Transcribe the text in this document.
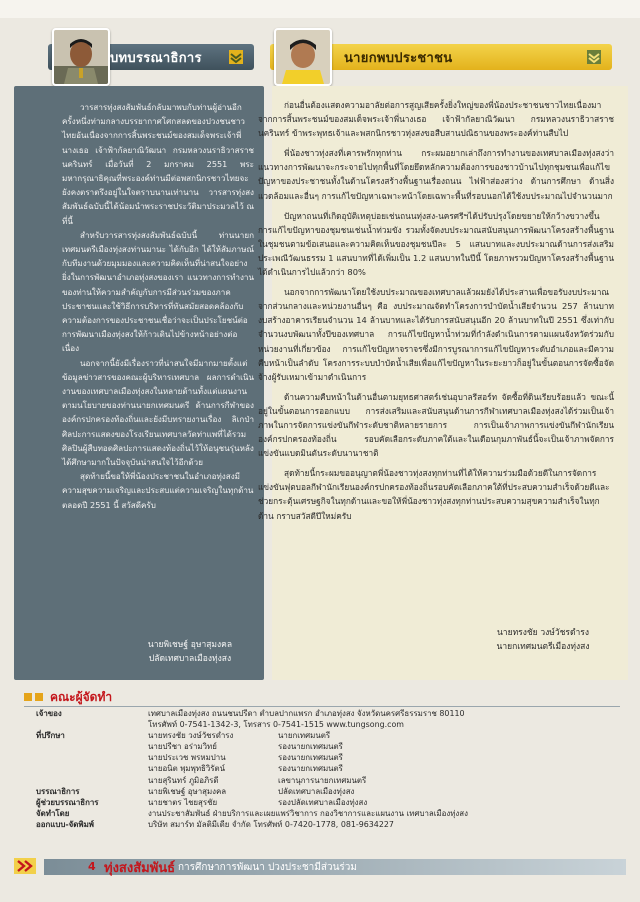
บทบรรณาธิการ	นายกพบประชาชน

วารสารทุ่งสงสัมพันธ์กลับมาพบกับท่านผู้อ่านอีกครั้งหนึ่งท่ามกลางบรรยากาศโศกสลดของปวงชนชาวไทยอันเนื่องจากการสิ้นพระชนม์ของสมเด็จพระเจ้าพี่นางเธอ เจ้าฟ้ากัลยาณิวัฒนา กรมหลวงนราธิวาสราชนครินทร์ เมื่อวันที่ 2 มกราคม 2551 พระมหากรุณาธิคุณที่พระองค์ท่านมีต่อพสกนิกรชาวไทยจะยังคงตราตรึงอยู่ในใจตราบนานเท่านาน วารสารทุ่งสงสัมพันธ์ฉบับนี้ได้น้อมนำพระราชประวัติมาประมวลไว้ ณ ที่นี้

สำหรับวารสารทุ่งสงสัมพันธ์ฉบับนี้ ท่านนายกเทศมนตรีเมืองทุ่งสงท่านมานะ ได้กับอีก ได้ให้สัมภาษณ์กับทีมงานด้วยมุมมองและความคิดเห็นที่น่าสนใจอย่างยิ่งในการพัฒนาอำเภอทุ่งสงของเรา แนวทางการทำงานของท่านให้ความสำคัญกับการมีส่วนร่วมของภาคประชาชนและใช้วิธีการบริหารที่ทันสมัยสอดคล้องกับความต้องการของประชาชนเชื่อว่าจะเป็นประโยชน์ต่อการพัฒนาเมืองทุ่งสงให้ก้าวเดินไปข้างหน้าอย่างต่อเนื่อง

นอกจากนี้ยังมีเรื่องราวที่น่าสนใจมีมากมายตั้งแต่ข้อมูลข่าวสารของคณะผู้บริหารเทศบาล ผลการดำเนินงานของเทศบาลเมืองทุ่งสงในหลายด้านทั้งแต่แผนงานตามนโยบายของท่านนายกเทศมนตรี ด้านการกีฬาขององค์กรปกครองท้องถิ่นและยังมีบทรายงานเรื่อง ลิเกป่า ศิลปะการแสดงของโรงเรียนเทศบาลวัดท่าแพที่ได้รวมศิลปินผู้สืบทอดศิลปะการแสดงท้องถิ่นไว้ให้อนุชนรุ่นหลังได้ศึกษามากในปัจจุบันน่าสนใจไว้อีกด้วย

สุดท้ายนี้ขอให้พี่น้องประชาชนในอำเภอทุ่งสงมีความสุขความเจริญและประสบแต่ความเจริญในทุกด้านตลอดปี 2551 นี้ สวัสดีครับ

นายพิเชษฐ์ อุษาสุมงคล
ปลัดเทศบาลเมืองทุ่งสง

ก่อนอื่นต้องแสดงความอาลัยต่อการสูญเสียครั้งยิ่งใหญ่ของพี่น้องประชาชนชาวไทยเนื่องมาจากการสิ้นพระชนม์ของสมเด็จพระเจ้าพี่นางเธอ เจ้าฟ้ากัลยาณิวัฒนา กรมหลวงนราธิวาสราชนครินทร์ ข้าพระพุทธเจ้าและพสกนิกรชาวทุ่งสงขอสืบสานปณิธานของพระองค์ท่านสืบไป

พี่น้องชาวทุ่งสงที่เคารพรักทุกท่าน กระผมอยากเล่าถึงการทำงานของเทศบาลเมืองทุ่งสงว่าแนวทางการพัฒนาจะกระจายไปทุกพื้นที่โดยยึดหลักความต้องการของชาวบ้านไปทุกชุมชนเพื่อแก้ไขปัญหาของประชาชนทั้งในด้านโครงสร้างพื้นฐานเรื่องถนน ไฟฟ้าส่องสว่าง ด้านการศึกษา ด้านสิ่งแวดล้อมและอื่นๆ การแก้ไขปัญหาเฉพาะหน้าโดยเฉพาะพื้นที่รอบนอกได้ใช้งบประมาณไปจำนวนมาก

ปัญหาถนนที่เกิดอุบัติเหตุบ่อยเช่นถนนทุ่งสง-นครศรีฯได้ปรับปรุงโดยขยายให้กว้างขวางขึ้น การแก้ไขปัญหาของชุมชนเช่นน้ำท่วมขัง รวมทั้งจัดงบประมาณสนับสนุนการพัฒนาโครงสร้างพื้นฐานในชุมชนตามข้อเสนอและความคิดเห็นของชุมชนปีละ 5 แสนบาทและงบประมาณด้านการส่งเสริมประเพณีวัฒนธรรม 1 แสนบาทที่ได้เพิ่มเป็น 1.2 แสนบาทในปีนี้ โดยภาพรวมปัญหาโครงสร้างพื้นฐานได้ดำเนินการไปแล้วกว่า 80%

นอกจากการพัฒนาโดยใช้งบประมาณของเทศบาลแล้วผมยังได้ประสานเพื่อขอรับงบประมาณจากส่วนกลางและหน่วยงานอื่นๆ คือ งบประมาณจัดทำโครงการบำบัดน้ำเสียจำนวน 257 ล้านบาท งบสร้างอาคารเรียนจำนวน 14 ล้านบาทและได้รับการสนับสนุนอีก 20 ล้านบาทในปี 2551 ซึ่งเท่ากับจำนวนงบพัฒนาทั้งปีของเทศบาล การแก้ไขปัญหาน้ำท่วมที่กำลังดำเนินการตามแผนจังหวัดร่วมกับหน่วยงานที่เกี่ยวข้อง การแก้ไขปัญหาจราจรซึ่งมีการบูรณาการแก้ไขปัญหาระดับอำเภอและมีความคืบหน้าเป็นลำดับ โครงการระบบบำบัดน้ำเสียเพื่อแก้ไขปัญหาในระยะยาวก็อยู่ในขั้นตอนการจัดซื้อจัดจ้างผู้รับเหมาเข้ามาดำเนินการ

ด้านความคืบหน้าในด้านอื่นตามยุทธศาสตร์เช่นอุบาลรีสอร์ท จัดซื้อที่ดินเรียบร้อยแล้ว ขณะนี้อยู่ในขั้นตอนการออกแบบ การส่งเสริมและสนับสนุนด้านการกีฬาเทศบาลเมืองทุ่งสงได้ร่วมเป็นเจ้าภาพในการจัดการแข่งขันกีฬาระดับชาติหลายรายการ การเป็นเจ้าภาพการแข่งขันกีฬานักเรียนองค์กรปกครองท้องถิ่น รอบคัดเลือกระดับภาคใต้และในเดือนกุมภาพันธ์นี้จะเป็นเจ้าภาพจัดการแข่งขันแบดมินตันระดับนานาชาติ

สุดท้ายนี้กระผมขออนุญาตพี่น้องชาวทุ่งสงทุกท่านที่ได้ให้ความร่วมมือด้วยดีในการจัดการแข่งขันฟุตบอลกีฬานักเรียนองค์กรปกครองท้องถิ่นรอบคัดเลือกภาคใต้ที่ประสบความสำเร็จด้วยดีและช่วยกระตุ้นเศรษฐกิจในทุกด้านและขอให้พี่น้องชาวทุ่งสงทุกท่านประสบความสุขความสำเร็จในทุกด้าน กราบสวัสดีปีใหม่ครับ

นายทรงชัย วงษ์วัชรดำรง
นายกเทศมนตรีเมืองทุ่งสง
คณะผู้จัดทำ
เจ้าของ	เทศบาลเมืองทุ่งสง ถนนชนปรีดา ตำบลปากแพรก อำเภอทุ่งสง จังหวัดนครศรีธรรมราช 80110
โทรศัพท์ 0-7541-1342-3, โทรสาร 0-7541-1515 www.tungsong.com
ที่ปรึกษา	นายทรงชัย วงษ์วัชรดำรง	นายกเทศมนตรี
นายปรีชา อร่ามวิทย์	รองนายกเทศมนตรี
นายประเวช พรหมปาน	รองนายกเทศมนตรี
นายอนิต พุมพุทธิวิรัตน์	รองนายกเทศมนตรี
นายสุรินทร์ ภูมิอภิรดี	เลขานุการนายกเทศมนตรี
บรรณาธิการ	นายพิเชษฐ์ อุษาสุมงคล	ปลัดเทศบาลเมืองทุ่งสง
ผู้ช่วยบรรณาธิการ	นายชาตร ไชยสุรชัย	รองปลัดเทศบาลเมืองทุ่งสง
จัดทำโดย	งานประชาสัมพันธ์ ฝ่ายบริการและเผยแพร่วิชาการ กองวิชาการและแผนงาน เทศบาลเมืองทุ่งสง
ออกแบบ-จัดพิมพ์	บริษัท สมาร์ท มัลติมีเดีย จำกัด โทรศัพท์ 0-7420-1778, 081-9634227
4 ทุ่งสงสัมพันธ์ การศึกษาการพัฒนา ปวงประชามีส่วนร่วม
